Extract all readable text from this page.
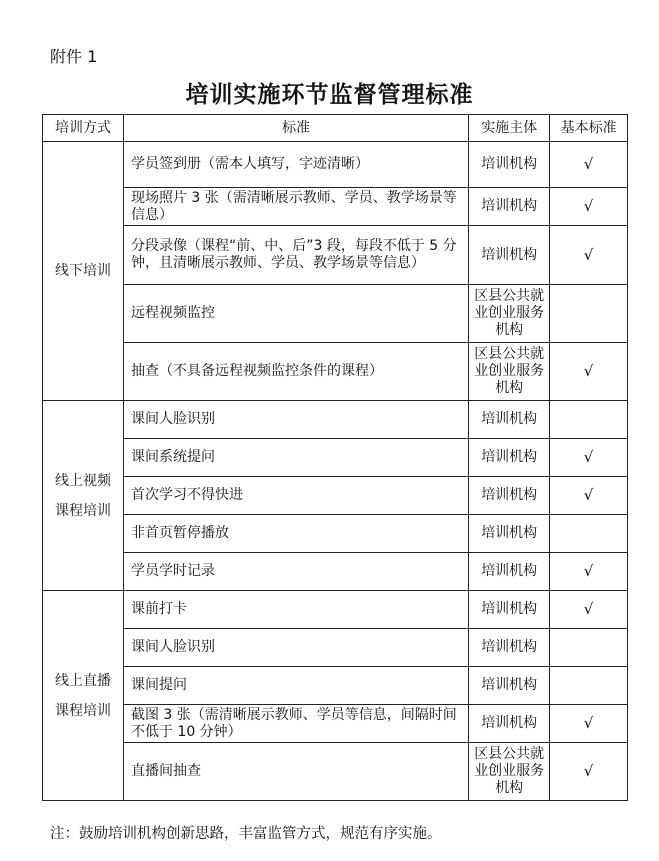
附件 1
培训实施环节监督管理标准
培训方式	标准	实施主体	基本标准
线下培训	学员签到册（需本人填写，字迹清晰）	培训机构	√
	现场照片 3 张（需清晰展示教师、学员、教学场景等信息）	培训机构	√
	分段录像（课程“前、中、后”3 段，每段不低于 5 分钟，且清晰展示教师、学员、教学场景等信息）	培训机构	√
	远程视频监控	区县公共就业创业服务机构	
	抽查（不具备远程视频监控条件的课程）	区县公共就业创业服务机构	√
线上视频课程培训	课间人脸识别	培训机构	
	课间系统提问	培训机构	√
	首次学习不得快进	培训机构	√
	非首页暂停播放	培训机构	
	学员学时记录	培训机构	√
线上直播课程培训	课前打卡	培训机构	√
	课间人脸识别	培训机构	
	课间提问	培训机构	
	截图 3 张（需清晰展示教师、学员等信息，间隔时间不低于 10 分钟）	培训机构	√
	直播间抽查	区县公共就业创业服务机构	√
注：鼓励培训机构创新思路，丰富监管方式，规范有序实施。
